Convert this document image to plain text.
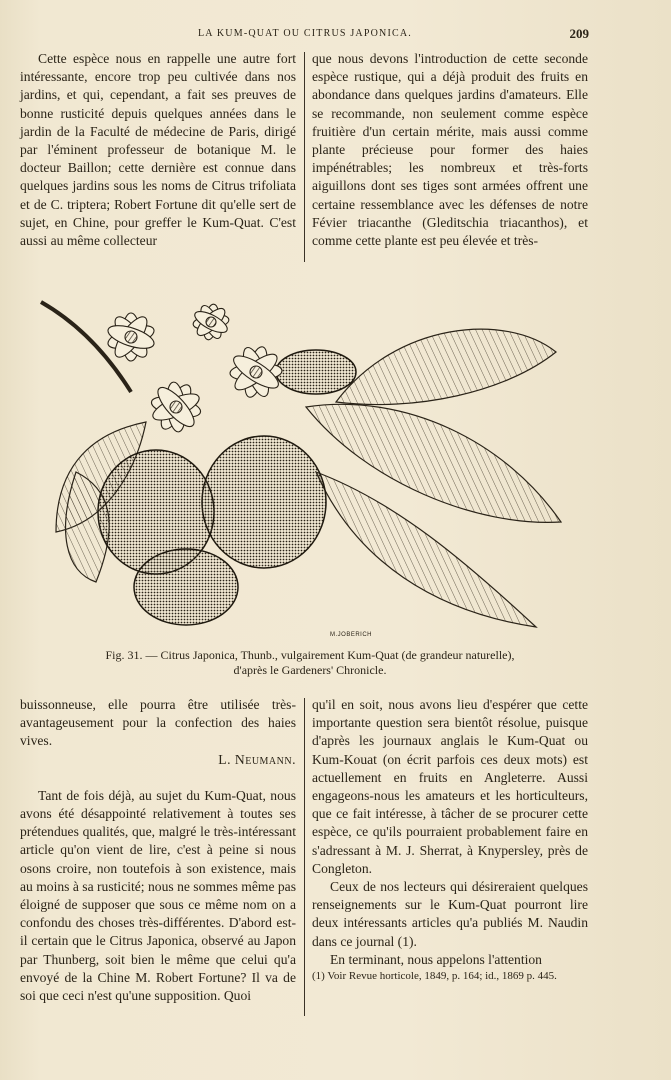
LA KUM-QUAT OU CITRUS JAPONICA.	209

Cette espèce nous en rappelle une autre fort intéressante, encore trop peu cultivée dans nos jardins, et qui, cependant, a fait ses preuves de bonne rusticité depuis quelques années dans le jardin de la Faculté de médecine de Paris, dirigé par l'éminent professeur de botanique M. le docteur Baillon; cette dernière est connue dans quelques jardins sous les noms de Citrus trifoliata et de C. triptera; Robert Fortune dit qu'elle sert de sujet, en Chine, pour greffer le Kum-Quat. C'est aussi au même collecteur

que nous devons l'introduction de cette seconde espèce rustique, qui a déjà produit des fruits en abondance dans quelques jardins d'amateurs. Elle se recommande, non seulement comme espèce fruitière d'un certain mérite, mais aussi comme plante précieuse pour former des haies impénétrables; les nombreux et très-forts aiguillons dont ses tiges sont armées offrent une certaine ressemblance avec les défenses de notre Févier triacanthe (Gleditschia triacanthos), et comme cette plante est peu élevée et très-

M.JOBERICH
Fig. 31. — Citrus Japonica, Thunb., vulgairement Kum-Quat (de grandeur naturelle),
d'après le Gardeners' Chronicle.

buissonneuse, elle pourra être utilisée très-avantageusement pour la confection des haies vives.

L. Neumann.

Tant de fois déjà, au sujet du Kum-Quat, nous avons été désappointé relativement à toutes ses prétendues qualités, que, malgré le très-intéressant article qu'on vient de lire, c'est à peine si nous osons croire, non toutefois à son existence, mais au moins à sa rusticité; nous ne sommes même pas éloigné de supposer que sous ce même nom on a confondu des choses très-différentes. D'abord est-il certain que le Citrus Japonica, observé au Japon par Thunberg, soit bien le même que celui qu'a envoyé de la Chine M. Robert Fortune? Il va de soi que ceci n'est qu'une supposition. Quoi

qu'il en soit, nous avons lieu d'espérer que cette importante question sera bientôt résolue, puisque d'après les journaux anglais le Kum-Quat ou Kum-Kouat (on écrit parfois ces deux mots) est actuellement en fruits en Angleterre. Aussi engageons-nous les amateurs et les horticulteurs, que ce fait intéresse, à tâcher de se procurer cette espèce, ce qu'ils pourraient probablement faire en s'adressant à M. J. Sherrat, à Knypersley, près de Congleton.

Ceux de nos lecteurs qui désireraient quelques renseignements sur le Kum-Quat pourront lire deux intéressants articles qu'a publiés M. Naudin dans ce journal (1).

En terminant, nous appelons l'attention

(1) Voir Revue horticole, 1849, p. 164; id., 1869 p. 445.
